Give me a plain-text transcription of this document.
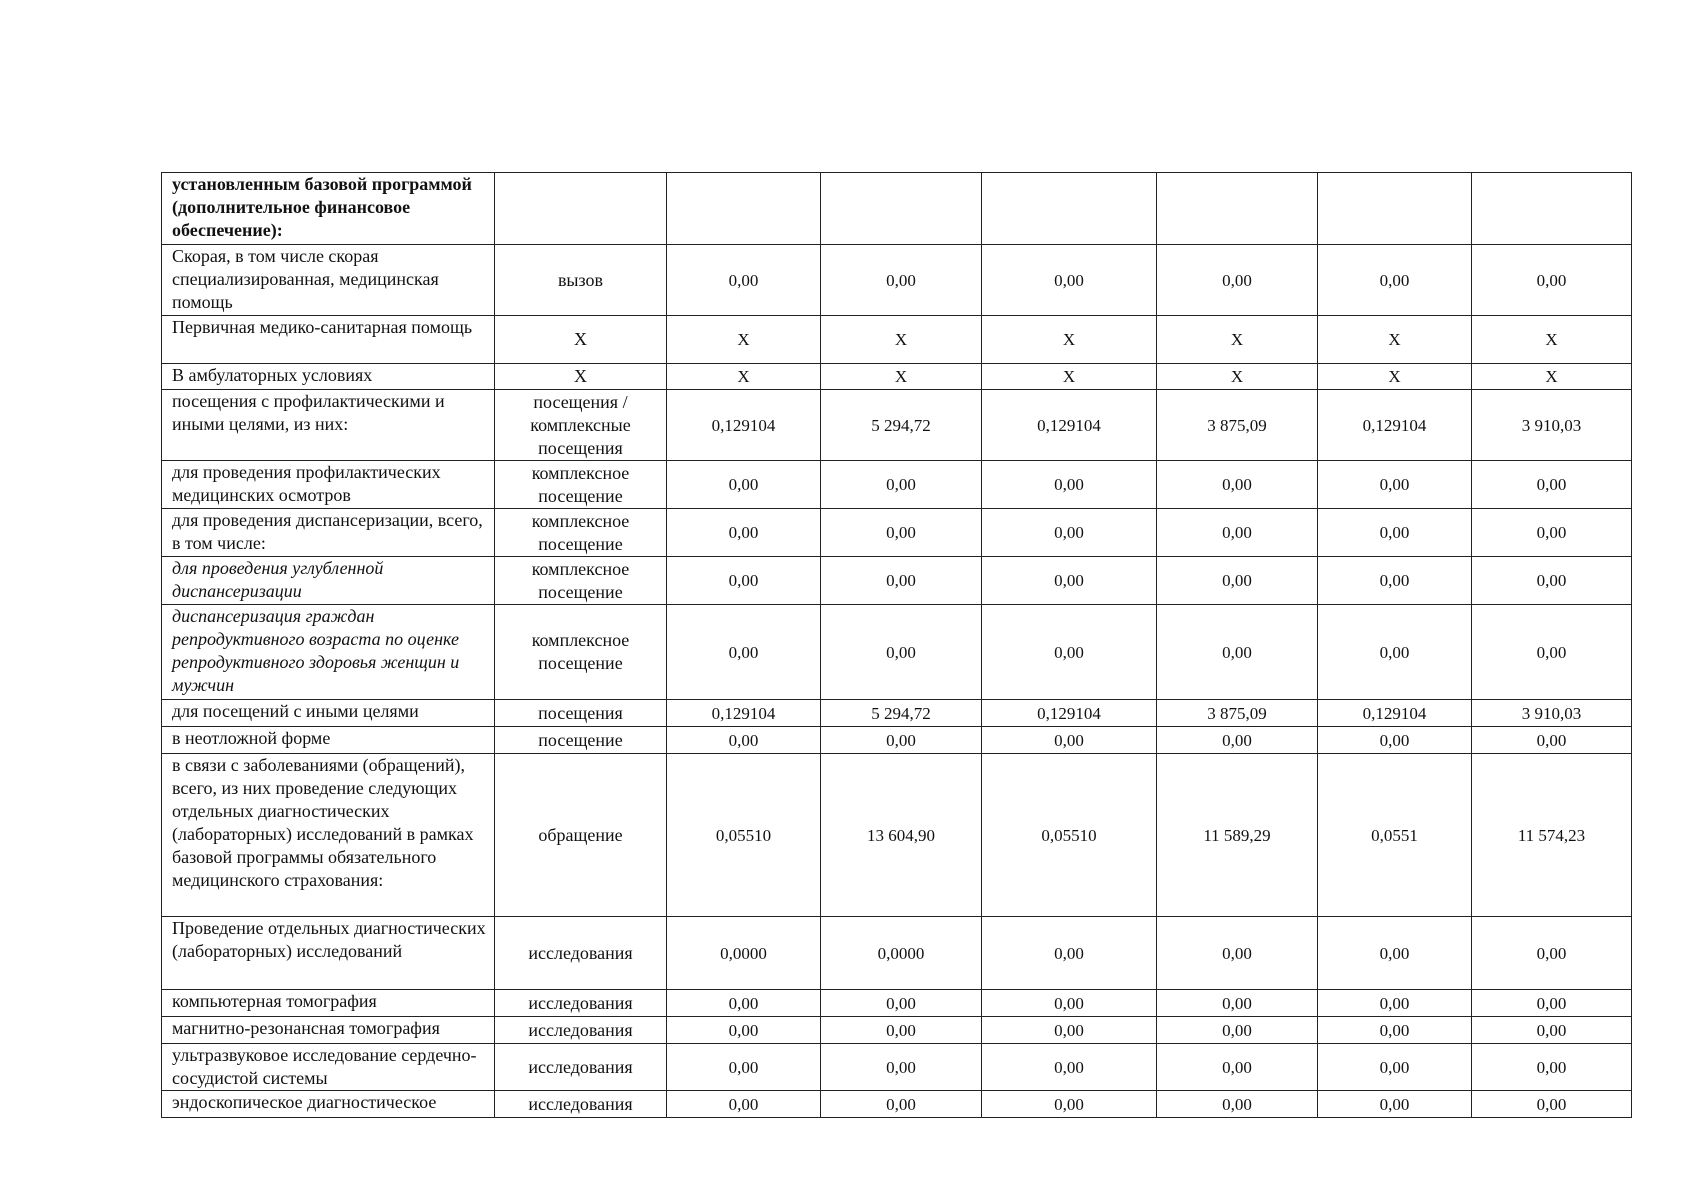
установленным базовой программой (дополнительное финансовое обеспечение):							
Скорая, в том числе скорая специализированная, медицинская помощь	вызов	0,00	0,00	0,00	0,00	0,00	0,00
Первичная медико-санитарная помощь	Х	Х	Х	Х	Х	Х	Х
В амбулаторных условиях	Х	Х	Х	Х	Х	Х	Х
посещения с профилактическими и иными целями, из них:	посещения / комплексные посещения	0,129104	5 294,72	0,129104	3 875,09	0,129104	3 910,03
для проведения профилактических медицинских осмотров	комплексное посещение	0,00	0,00	0,00	0,00	0,00	0,00
для проведения диспансеризации, всего, в том числе:	комплексное посещение	0,00	0,00	0,00	0,00	0,00	0,00
для проведения углубленной диспансеризации	комплексное посещение	0,00	0,00	0,00	0,00	0,00	0,00
диспансеризация граждан репродуктивного возраста по оценке репродуктивного здоровья женщин и мужчин	комплексное посещение	0,00	0,00	0,00	0,00	0,00	0,00
для посещений с иными целями	посещения	0,129104	5 294,72	0,129104	3 875,09	0,129104	3 910,03
в неотложной форме	посещение	0,00	0,00	0,00	0,00	0,00	0,00
в связи с заболеваниями (обращений), всего, из них проведение следующих отдельных диагностических (лабораторных) исследований в рамках базовой программы обязательного медицинского страхования:	обращение	0,05510	13 604,90	0,05510	11 589,29	0,0551	11 574,23
Проведение отдельных диагностических (лабораторных) исследований	исследования	0,0000	0,0000	0,00	0,00	0,00	0,00
компьютерная томография	исследования	0,00	0,00	0,00	0,00	0,00	0,00
магнитно-резонансная томография	исследования	0,00	0,00	0,00	0,00	0,00	0,00
ультразвуковое исследование сердечно-сосудистой системы	исследования	0,00	0,00	0,00	0,00	0,00	0,00
эндоскопическое диагностическое	исследования	0,00	0,00	0,00	0,00	0,00	0,00
